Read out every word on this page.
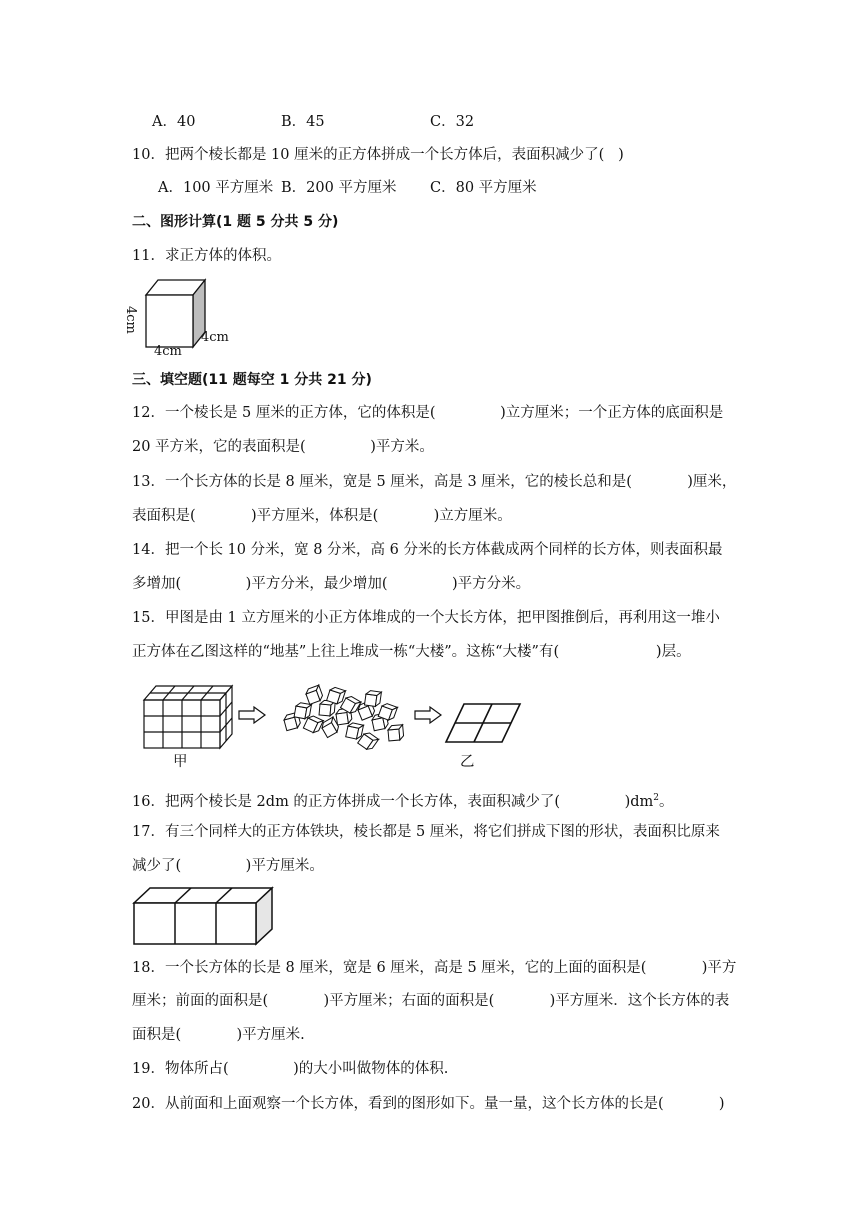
A．40	B．45	C．32
10．把两个棱长都是 10 厘米的正方体拼成一个长方体后，表面积减少了(   )
A．100 平方厘米 B．200 平方厘米 C．80 平方厘米
二、图形计算(1 题 5 分共 5 分)
11．求正方体的体积。
4cm
4cm
4cm
三、填空题(11 题每空 1 分共 21 分)
12．一个棱长是 5 厘米的正方体，它的体积是(              )立方厘米；一个正方体的底面积是
20 平方米，它的表面积是(              )平方米。
13．一个长方体的长是 8 厘米，宽是 5 厘米，高是 3 厘米，它的棱长总和是(            )厘米，
表面积是(            )平方厘米，体积是(            )立方厘米。
14．把一个长 10 分米，宽 8 分米，高 6 分米的长方体截成两个同样的长方体，则表面积最
多增加(              )平方分米，最少增加(              )平方分米。
15．甲图是由 1 立方厘米的小正方体堆成的一个大长方体，把甲图推倒后，再利用这一堆小
正方体在乙图这样的“地基”上往上堆成一栋“大楼”。这栋“大楼”有(                     )层。
甲	乙
16．把两个棱长是 2dm 的正方体拼成一个长方体，表面积减少了(              )$dm^2$。
17．有三个同样大的正方体铁块，棱长都是 5 厘米，将它们拼成下图的形状，表面积比原来
减少了(              )平方厘米。
18．一个长方体的长是 8 厘米，宽是 6 厘米，高是 5 厘米，它的上面的面积是(            )平方
厘米；前面的面积是(            )平方厘米；右面的面积是(            )平方厘米．这个长方体的表
面积是(            )平方厘米.
19．物体所占(              )的大小叫做物体的体积.
20．从前面和上面观察一个长方体，看到的图形如下。量一量，这个长方体的长是(            )
